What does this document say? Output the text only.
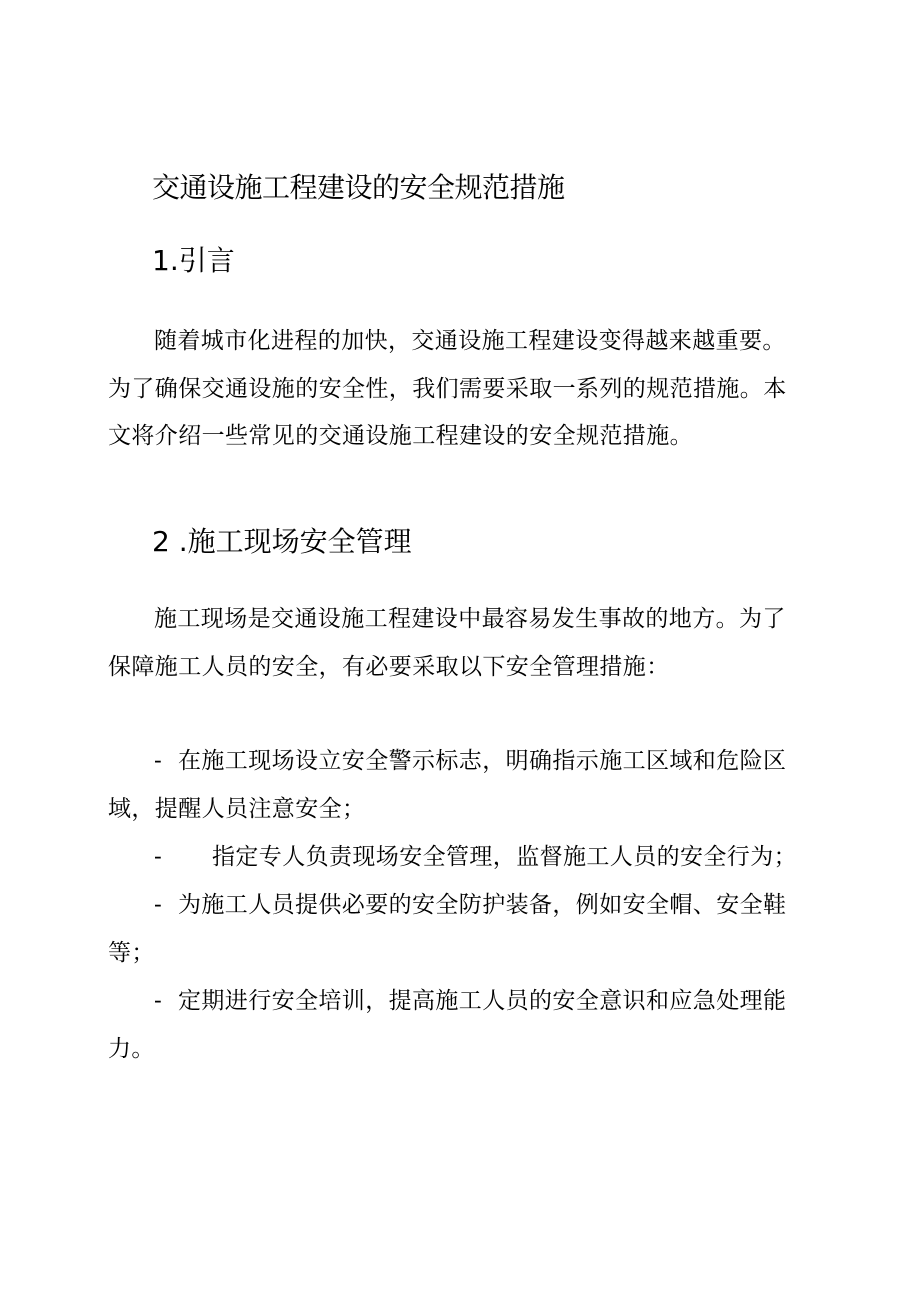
交通设施工程建设的安全规范措施
1.引言
随着城市化进程的加快，交通设施工程建设变得越来越重要。为了确保交通设施的安全性，我们需要采取一系列的规范措施。本文将介绍一些常见的交通设施工程建设的安全规范措施。
2 .施工现场安全管理
施工现场是交通设施工程建设中最容易发生事故的地方。为了保障施工人员的安全，有必要采取以下安全管理措施：
- 在施工现场设立安全警示标志，明确指示施工区域和危险区域，提醒人员注意安全；
- 指定专人负责现场安全管理，监督施工人员的安全行为；
- 为施工人员提供必要的安全防护装备，例如安全帽、安全鞋等；
- 定期进行安全培训，提高施工人员的安全意识和应急处理能力。
